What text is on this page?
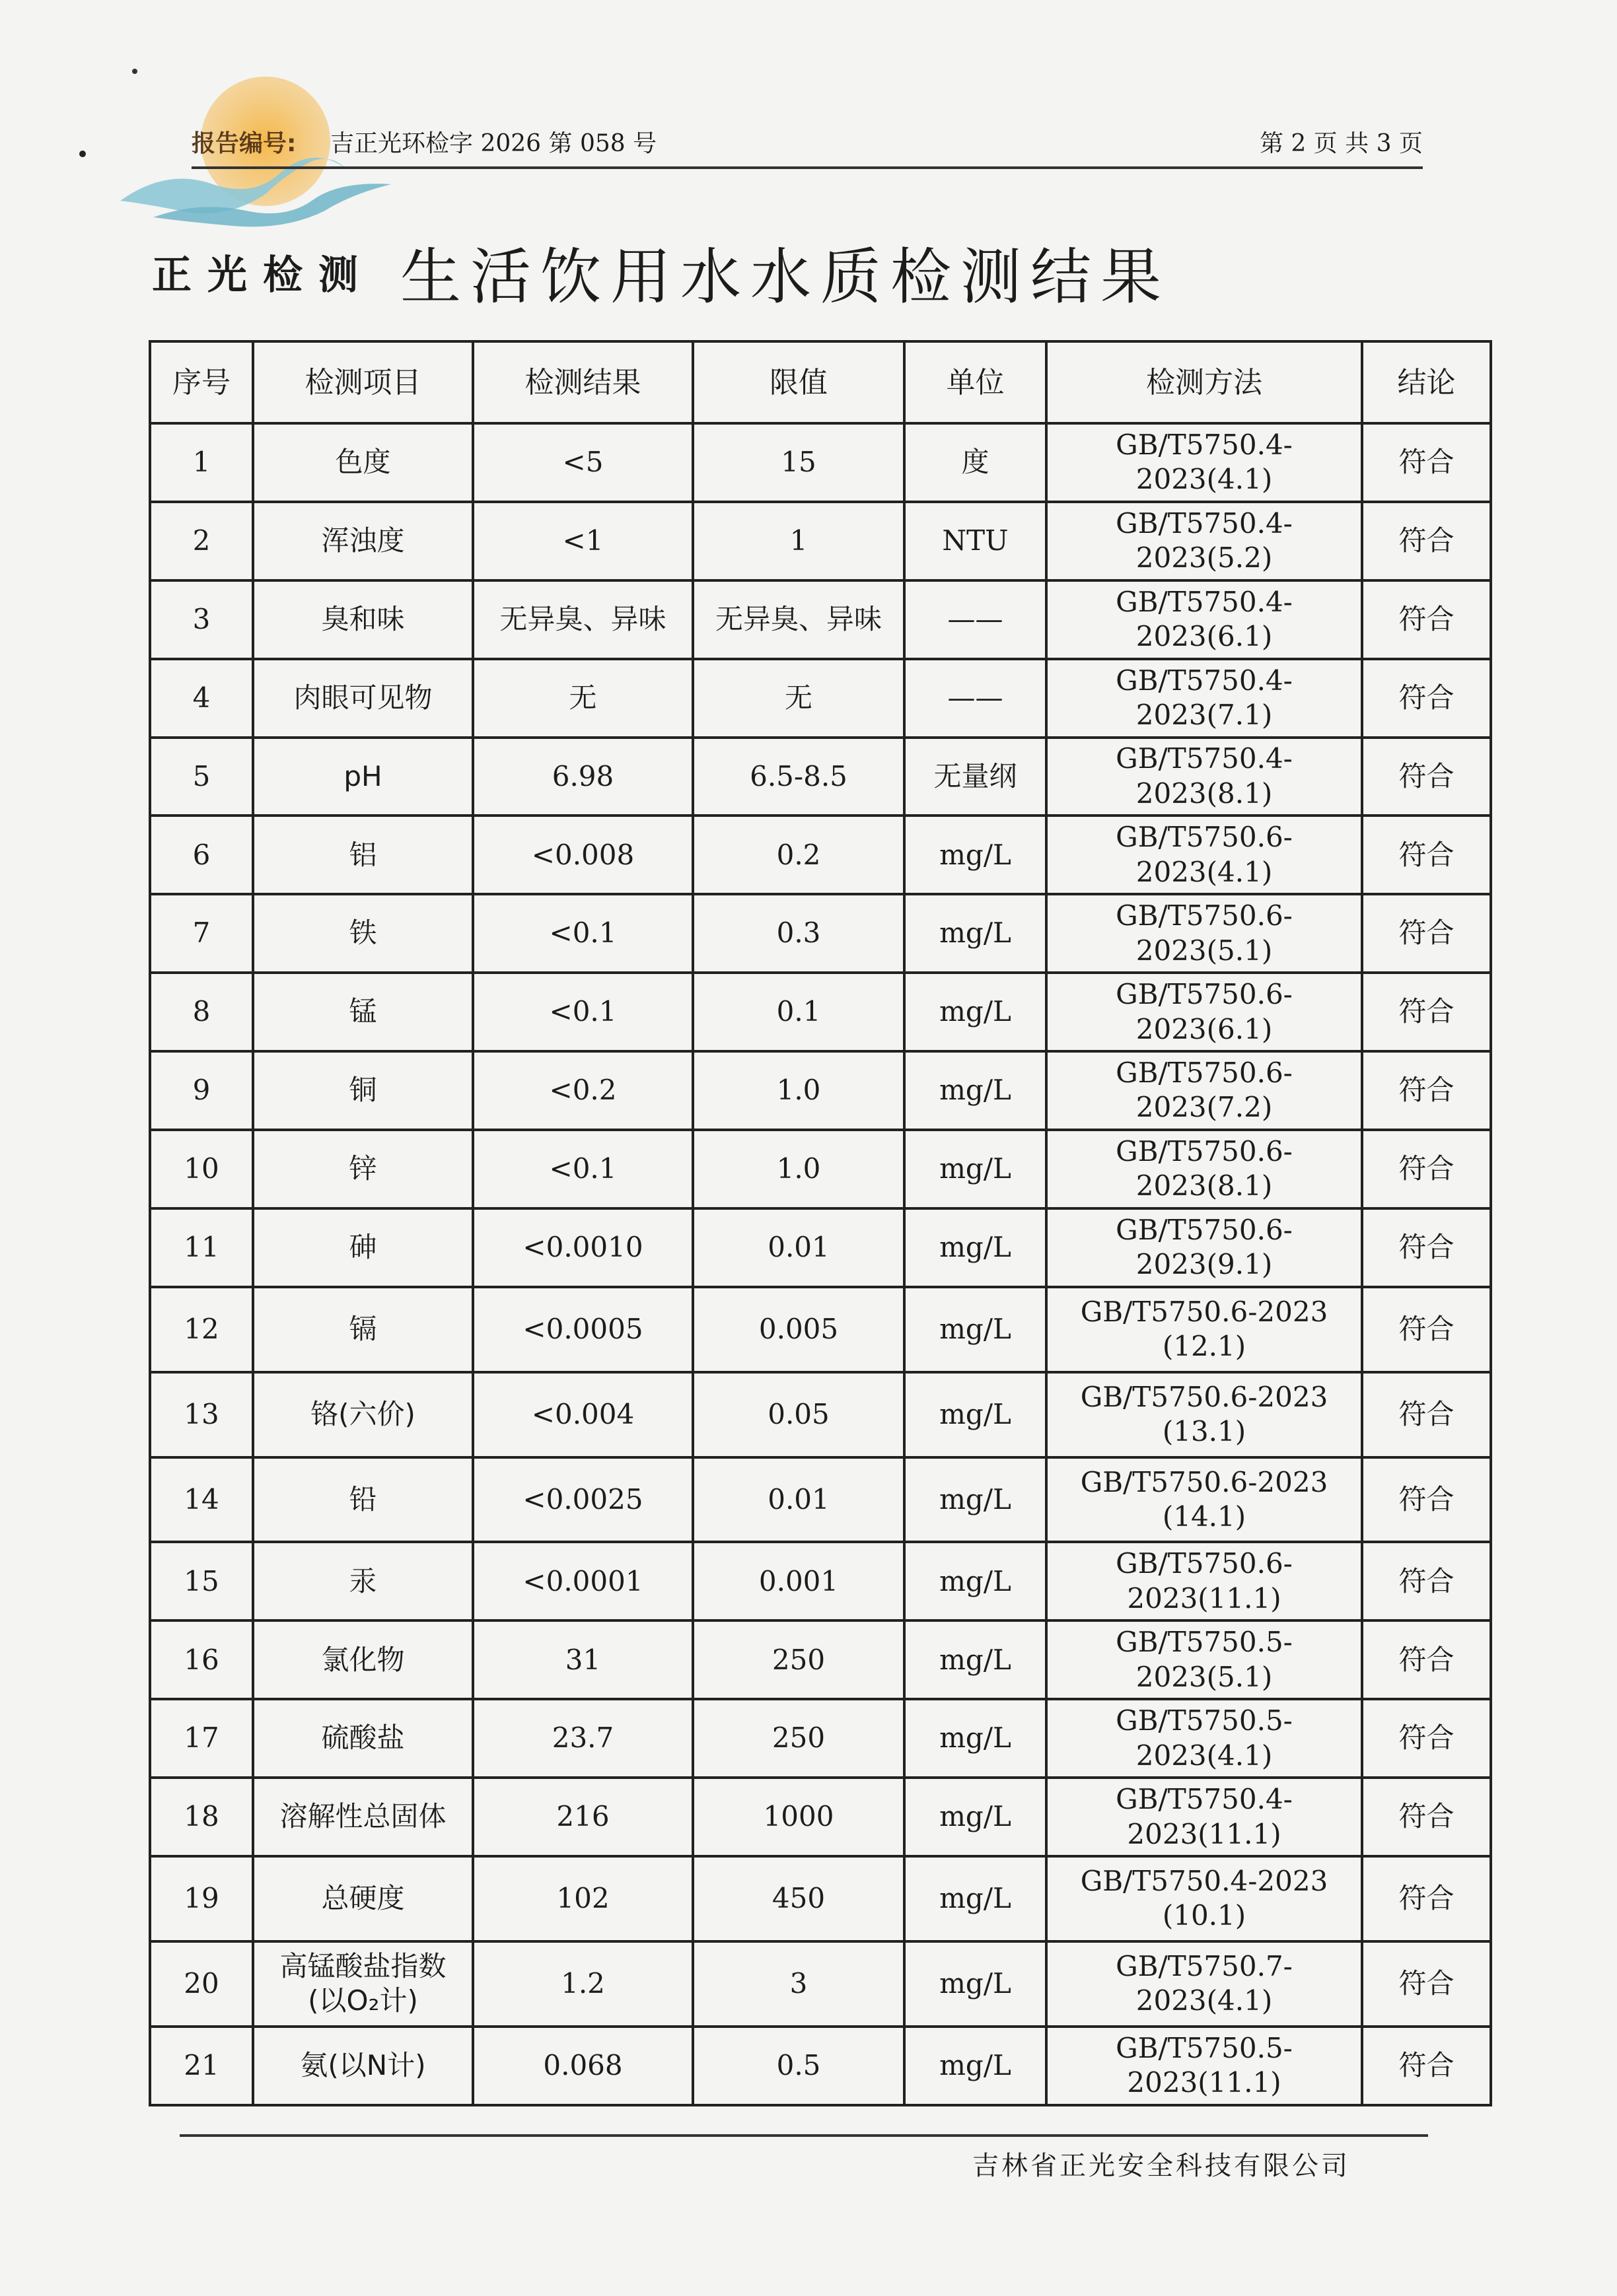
报告编号: 吉正光环检字 2026 第 058 号	第 2 页 共 3 页
正光检测 生活饮用水水质检测结果
序号	检测项目	检测结果	限值	单位	检测方法	结论
1	色度	<5	15	度	GB/T5750.4-2023(4.1)	符合
2	浑浊度	<1	1	NTU	GB/T5750.4-2023(5.2)	符合
3	臭和味	无异臭、异味	无异臭、异味	——	GB/T5750.4-2023(6.1)	符合
4	肉眼可见物	无	无	——	GB/T5750.4-2023(7.1)	符合
5	pH	6.98	6.5-8.5	无量纲	GB/T5750.4-2023(8.1)	符合
6	铝	<0.008	0.2	mg/L	GB/T5750.6-2023(4.1)	符合
7	铁	<0.1	0.3	mg/L	GB/T5750.6-2023(5.1)	符合
8	锰	<0.1	0.1	mg/L	GB/T5750.6-2023(6.1)	符合
9	铜	<0.2	1.0	mg/L	GB/T5750.6-2023(7.2)	符合
10	锌	<0.1	1.0	mg/L	GB/T5750.6-2023(8.1)	符合
11	砷	<0.0010	0.01	mg/L	GB/T5750.6-2023(9.1)	符合
12	镉	<0.0005	0.005	mg/L	GB/T5750.6-2023
(12.1)	符合
13	铬(六价)	<0.004	0.05	mg/L	GB/T5750.6-2023
(13.1)	符合
14	铅	<0.0025	0.01	mg/L	GB/T5750.6-2023
(14.1)	符合
15	汞	<0.0001	0.001	mg/L	GB/T5750.6-2023(11.1)	符合
16	氯化物	31	250	mg/L	GB/T5750.5-2023(5.1)	符合
17	硫酸盐	23.7	250	mg/L	GB/T5750.5-2023(4.1)	符合
18	溶解性总固体	216	1000	mg/L	GB/T5750.4-2023(11.1)	符合
19	总硬度	102	450	mg/L	GB/T5750.4-2023
(10.1)	符合
20	高锰酸盐指数
(以O₂计)	1.2	3	mg/L	GB/T5750.7-2023(4.1)	符合
21	氨(以N计)	0.068	0.5	mg/L	GB/T5750.5-2023(11.1)	符合
吉林省正光安全科技有限公司
